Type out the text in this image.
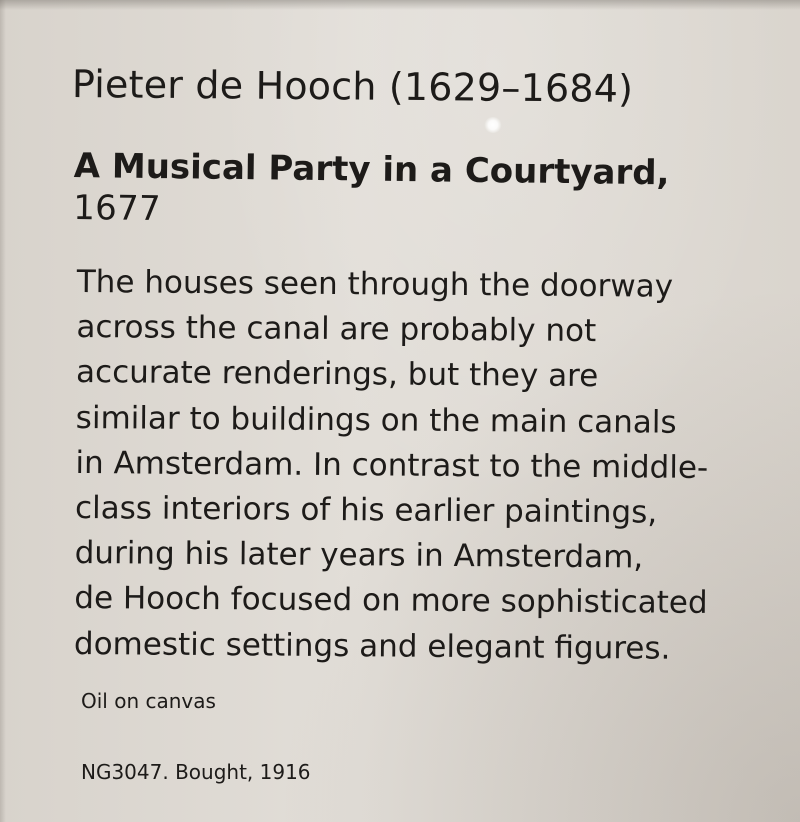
Pieter de Hooch (1629–1684)
A Musical Party in a Courtyard,
1677
The houses seen through the doorway
across the canal are probably not
accurate renderings, but they are
similar to buildings on the main canals
in Amsterdam. In contrast to the middle-
class interiors of his earlier paintings,
during his later years in Amsterdam,
de Hooch focused on more sophisticated
domestic settings and elegant figures.

Oil on canvas

NG3047. Bought, 1916
